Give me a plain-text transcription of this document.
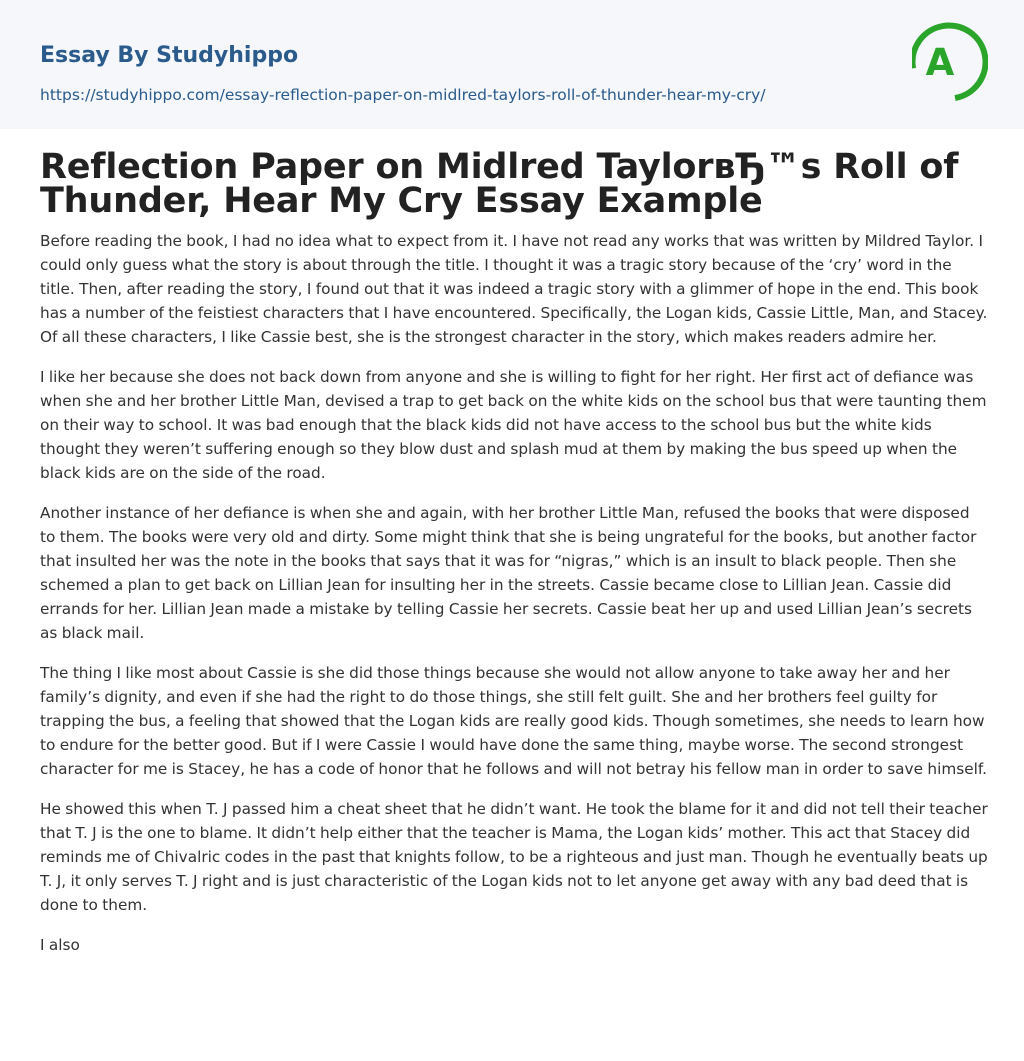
Essay By Studyhippo
https://studyhippo.com/essay-reflection-paper-on-midlred-taylors-roll-of-thunder-hear-my-cry/
A
Reflection Paper on Midlred TaylorвЂ™s Roll of Thunder, Hear My Cry Essay Example

Before reading the book, I had no idea what to expect from it. I have not read any works that was written by Mildred Taylor. I could only guess what the story is about through the title. I thought it was a tragic story because of the ‘cry’ word in the title. Then, after reading the story, I found out that it was indeed a tragic story with a glimmer of hope in the end. This book has a number of the feistiest characters that I have encountered. Specifically, the Logan kids, Cassie Little, Man, and Stacey. Of all these characters, I like Cassie best, she is the strongest character in the story, which makes readers admire her.

I like her because she does not back down from anyone and she is willing to fight for her right. Her first act of defiance was when she and her brother Little Man, devised a trap to get back on the white kids on the school bus that were taunting them on their way to school. It was bad enough that the black kids did not have access to the school bus but the white kids thought they weren’t suffering enough so they blow dust and splash mud at them by making the bus speed up when the black kids are on the side of the road.

Another instance of her defiance is when she and again, with her brother Little Man, refused the books that were disposed to them. The books were very old and dirty. Some might think that she is being ungrateful for the books, but another factor that insulted her was the note in the books that says that it was for “nigras,” which is an insult to black people. Then she schemed a plan to get back on Lillian Jean for insulting her in the streets. Cassie became close to Lillian Jean. Cassie did errands for her. Lillian Jean made a mistake by telling Cassie her secrets. Cassie beat her up and used Lillian Jean’s secrets as black mail.

The thing I like most about Cassie is she did those things because she would not allow anyone to take away her and her family’s dignity, and even if she had the right to do those things, she still felt guilt. She and her brothers feel guilty for trapping the bus, a feeling that showed that the Logan kids are really good kids. Though sometimes, she needs to learn how to endure for the better good. But if I were Cassie I would have done the same thing, maybe worse. The second strongest character for me is Stacey, he has a code of honor that he follows and will not betray his fellow man in order to save himself.

He showed this when T. J passed him a cheat sheet that he didn’t want. He took the blame for it and did not tell their teacher that T. J is the one to blame. It didn’t help either that the teacher is Mama, the Logan kids’ mother. This act that Stacey did reminds me of Chivalric codes in the past that knights follow, to be a righteous and just man. Though he eventually beats up T. J, it only serves T. J right and is just characteristic of the Logan kids not to let anyone get away with any bad deed that is done to them.

I also
